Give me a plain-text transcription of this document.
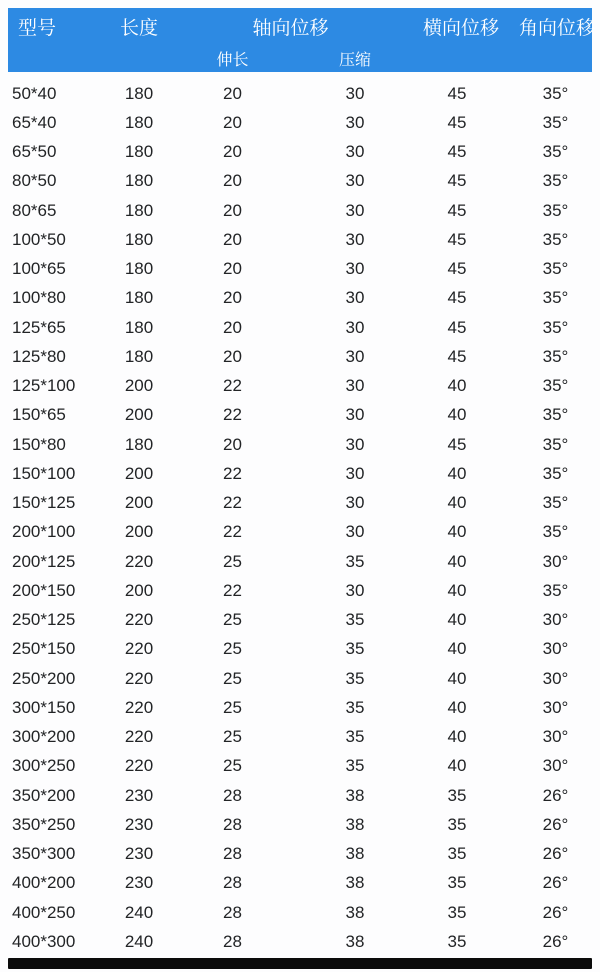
型号	长度	轴向位移	横向位移	角向位移
伸长	压缩
50*40	180	20	30	45	35°
65*40	180	20	30	45	35°
65*50	180	20	30	45	35°
80*50	180	20	30	45	35°
80*65	180	20	30	45	35°
100*50	180	20	30	45	35°
100*65	180	20	30	45	35°
100*80	180	20	30	45	35°
125*65	180	20	30	45	35°
125*80	180	20	30	45	35°
125*100	200	22	30	40	35°
150*65	200	22	30	40	35°
150*80	180	20	30	45	35°
150*100	200	22	30	40	35°
150*125	200	22	30	40	35°
200*100	200	22	30	40	35°
200*125	220	25	35	40	30°
200*150	200	22	30	40	35°
250*125	220	25	35	40	30°
250*150	220	25	35	40	30°
250*200	220	25	35	40	30°
300*150	220	25	35	40	30°
300*200	220	25	35	40	30°
300*250	220	25	35	40	30°
350*200	230	28	38	35	26°
350*250	230	28	38	35	26°
350*300	230	28	38	35	26°
400*200	230	28	38	35	26°
400*250	240	28	38	35	26°
400*300	240	28	38	35	26°
